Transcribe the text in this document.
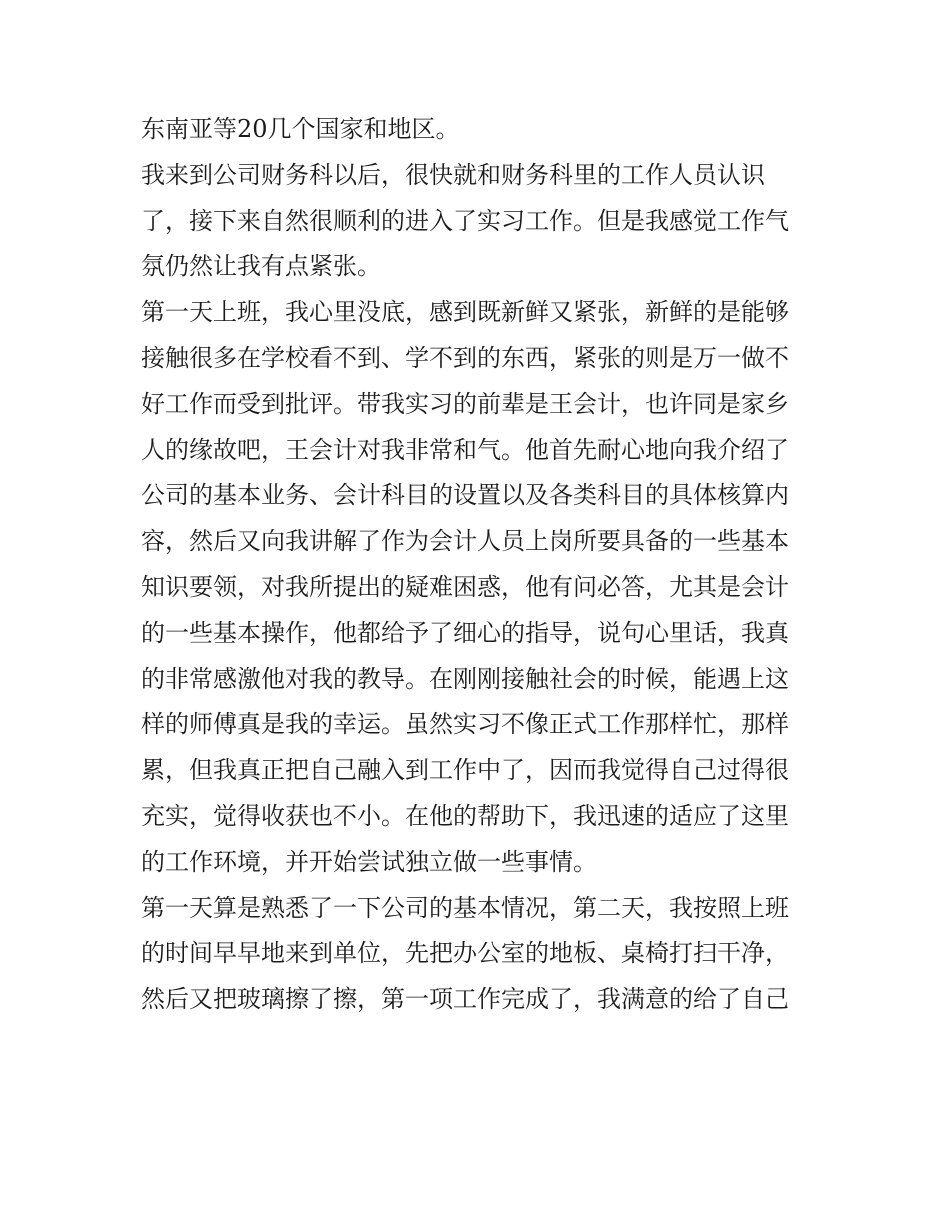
东南亚等20几个国家和地区。
我来到公司财务科以后，很快就和财务科里的工作人员认识
了，接下来自然很顺利的进入了实习工作。但是我感觉工作气
氛仍然让我有点紧张。
第一天上班，我心里没底，感到既新鲜又紧张，新鲜的是能够
接触很多在学校看不到、学不到的东西，紧张的则是万一做不
好工作而受到批评。带我实习的前辈是王会计，也许同是家乡
人的缘故吧，王会计对我非常和气。他首先耐心地向我介绍了
公司的基本业务、会计科目的设置以及各类科目的具体核算内
容，然后又向我讲解了作为会计人员上岗所要具备的一些基本
知识要领，对我所提出的疑难困惑，他有问必答，尤其是会计
的一些基本操作，他都给予了细心的指导，说句心里话，我真
的非常感激他对我的教导。在刚刚接触社会的时候，能遇上这
样的师傅真是我的幸运。虽然实习不像正式工作那样忙，那样
累，但我真正把自己融入到工作中了，因而我觉得自己过得很
充实，觉得收获也不小。在他的帮助下，我迅速的适应了这里
的工作环境，并开始尝试独立做一些事情。
第一天算是熟悉了一下公司的基本情况，第二天，我按照上班
的时间早早地来到单位，先把办公室的地板、桌椅打扫干净，
然后又把玻璃擦了擦，第一项工作完成了，我满意的给了自己
